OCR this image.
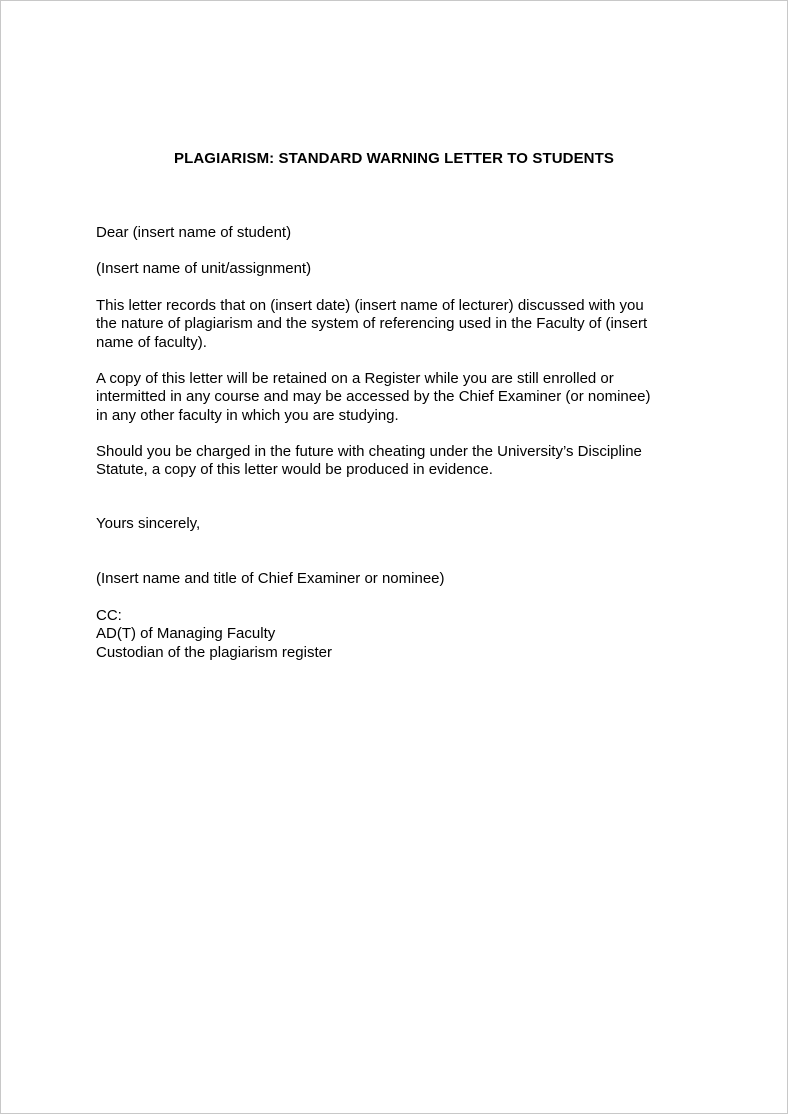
PLAGIARISM: STANDARD WARNING LETTER TO STUDENTS
Dear (insert name of student)
(Insert name of unit/assignment)
This letter records that on (insert date) (insert name of lecturer) discussed with you
the nature of plagiarism and the system of referencing used in the Faculty of (insert
name of faculty).
A copy of this letter will be retained on a Register while you are still enrolled or
intermitted in any course and may be accessed by the Chief Examiner (or nominee)
in any other faculty in which you are studying.
Should you be charged in the future with cheating under the University’s Discipline
Statute, a copy of this letter would be produced in evidence.
Yours sincerely,
(Insert name and title of Chief Examiner or nominee)
CC:
AD(T) of Managing Faculty
Custodian of the plagiarism register
